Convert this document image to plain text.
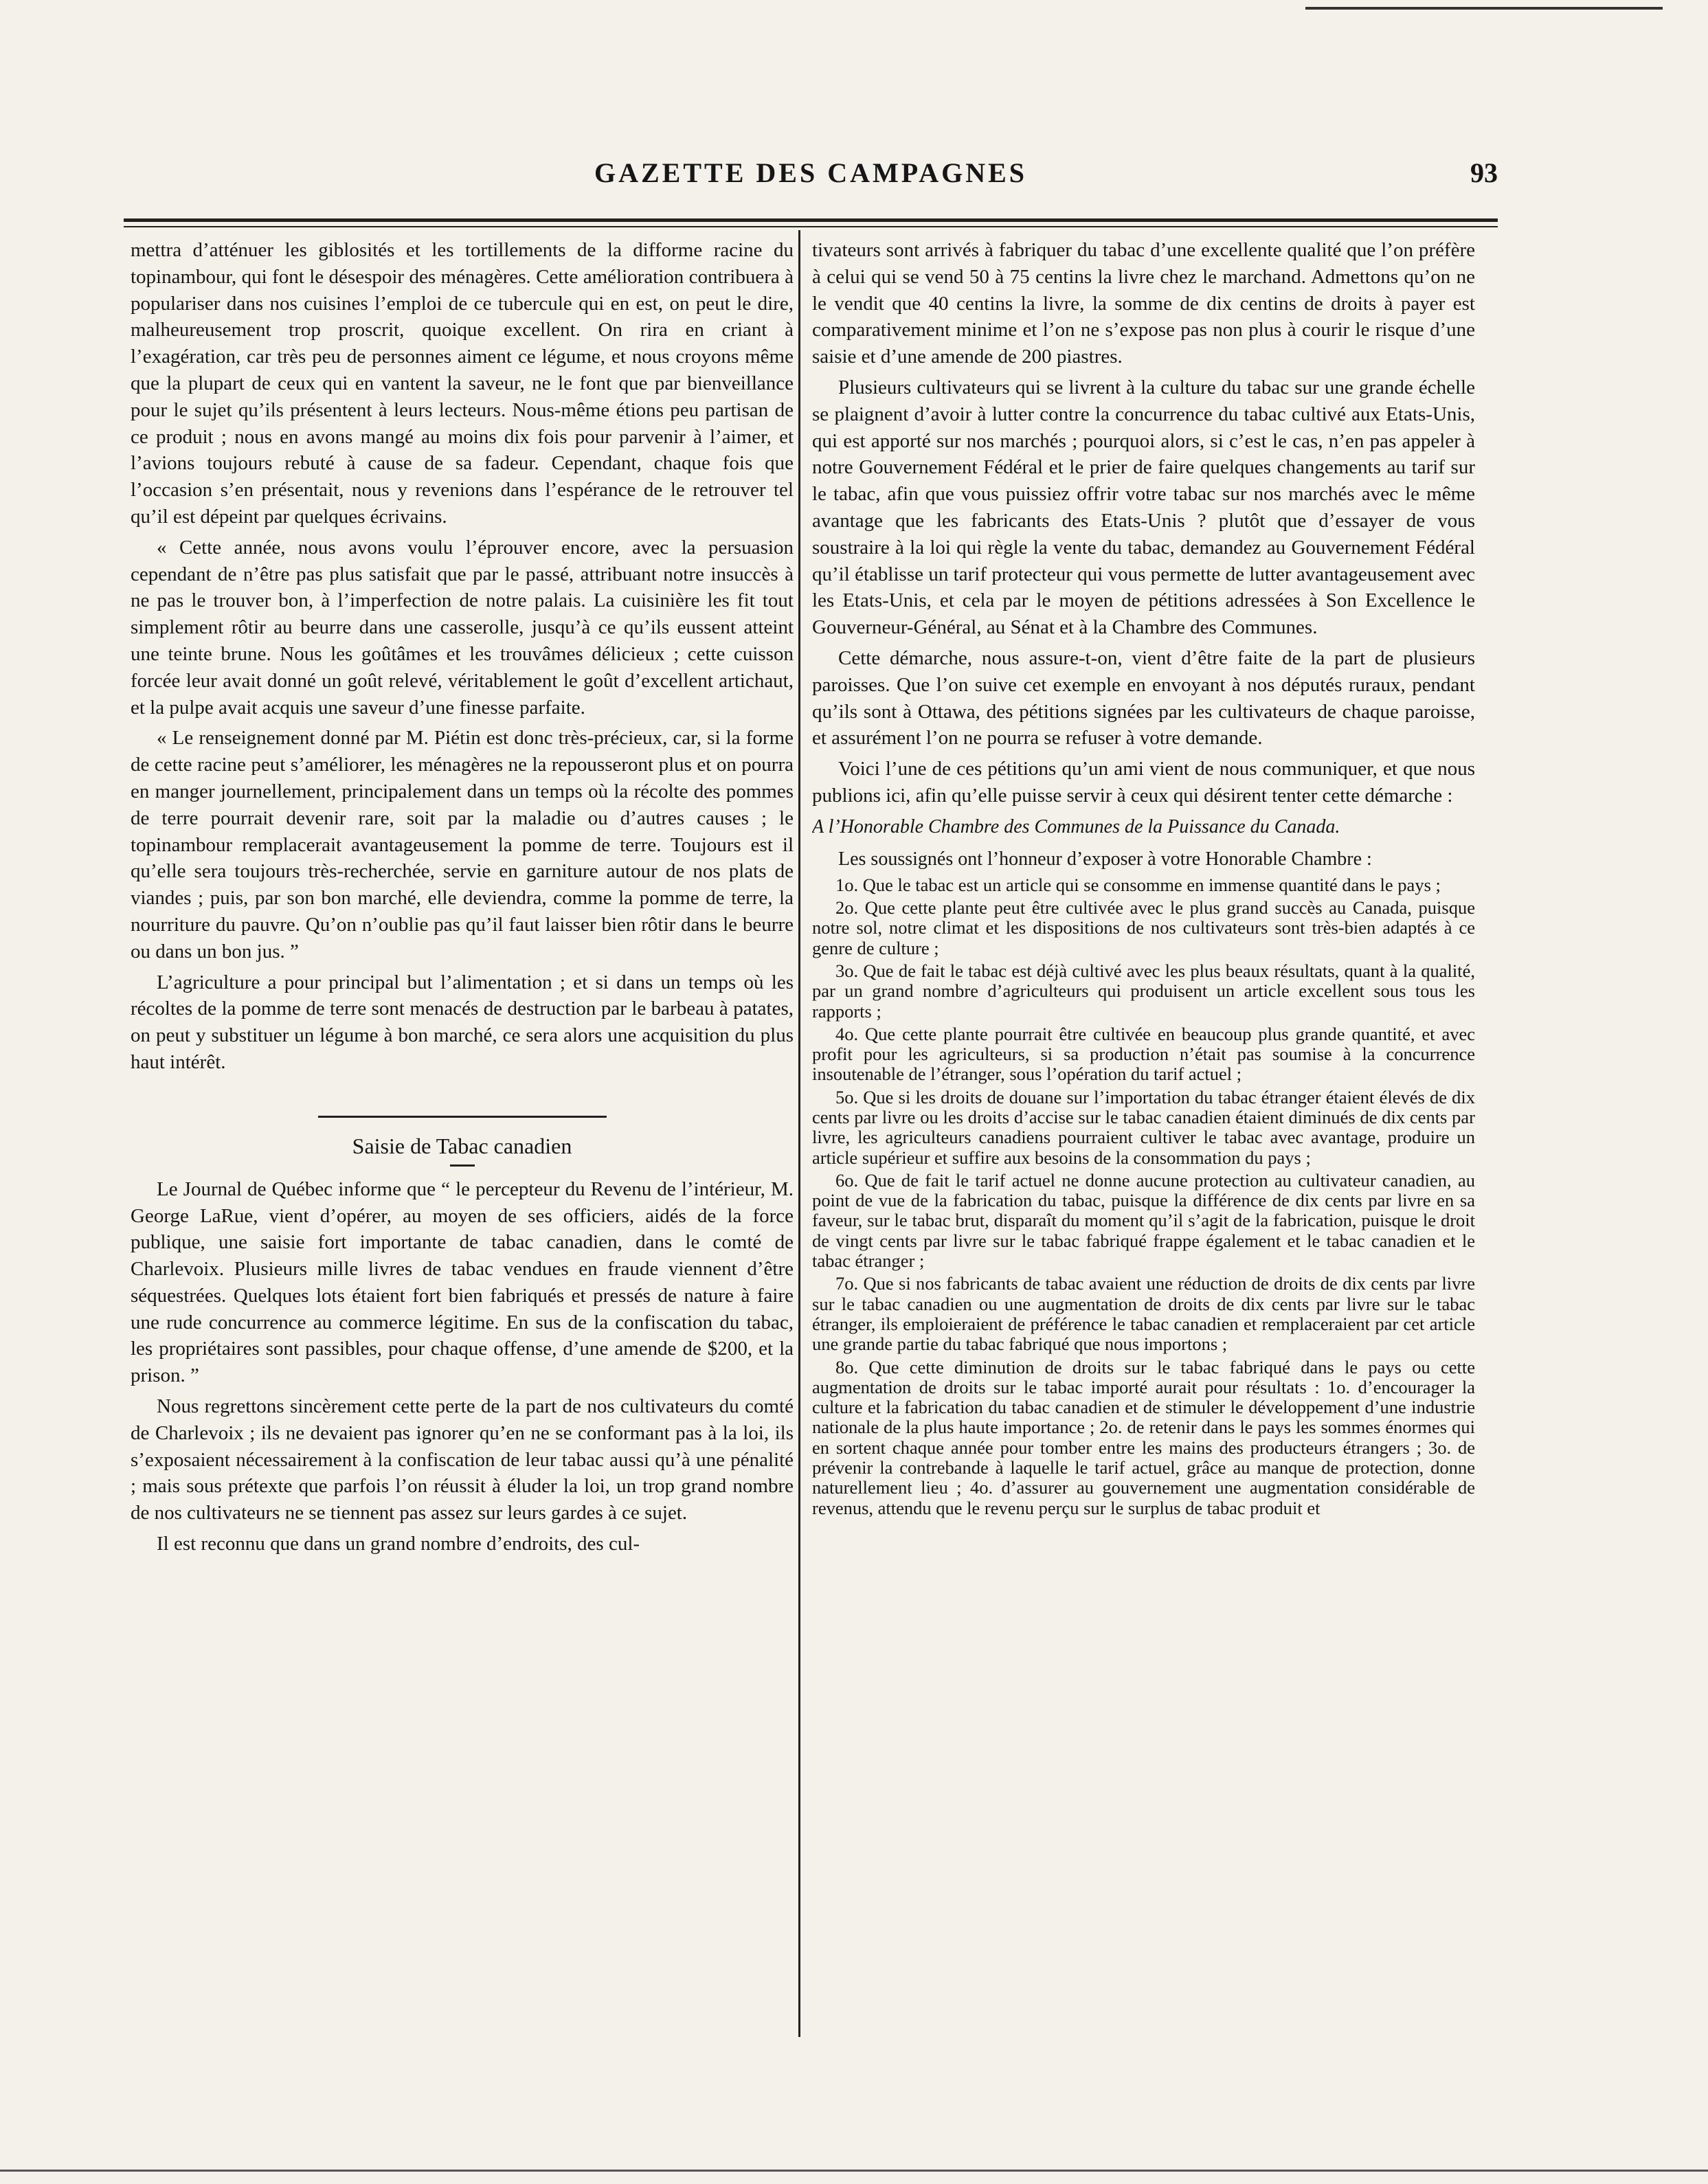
GAZETTE DES CAMPAGNES	93

mettra d’atténuer les giblosités et les tortillements de la difforme racine du topinambour, qui font le désespoir des ménagères. Cette amélioration contribuera à populariser dans nos cuisines l’emploi de ce tubercule qui en est, on peut le dire, malheureusement trop proscrit, quoique excellent. On rira en criant à l’exagération, car très peu de personnes aiment ce légume, et nous croyons même que la plupart de ceux qui en vantent la saveur, ne le font que par bienveillance pour le sujet qu’ils présentent à leurs lecteurs. Nous-même étions peu partisan de ce produit ; nous en avons mangé au moins dix fois pour parvenir à l’aimer, et l’avions toujours rebuté à cause de sa fadeur. Cependant, chaque fois que l’occasion s’en présentait, nous y revenions dans l’espérance de le retrouver tel qu’il est dépeint par quelques écrivains.

« Cette année, nous avons voulu l’éprouver encore, avec la persuasion cependant de n’être pas plus satisfait que par le passé, attribuant notre insuccès à ne pas le trouver bon, à l’imperfection de notre palais. La cuisinière les fit tout simplement rôtir au beurre dans une casserolle, jusqu’à ce qu’ils eussent atteint une teinte brune. Nous les goûtâmes et les trouvâmes délicieux ; cette cuisson forcée leur avait donné un goût relevé, véritablement le goût d’excellent artichaut, et la pulpe avait acquis une saveur d’une finesse parfaite.

« Le renseignement donné par M. Piétin est donc très-précieux, car, si la forme de cette racine peut s’améliorer, les ménagères ne la repousseront plus et on pourra en manger journellement, principalement dans un temps où la récolte des pommes de terre pourrait devenir rare, soit par la maladie ou d’autres causes ; le topinambour remplacerait avantageusement la pomme de terre. Toujours est il qu’elle sera toujours très-recherchée, servie en garniture autour de nos plats de viandes ; puis, par son bon marché, elle deviendra, comme la pomme de terre, la nourriture du pauvre. Qu’on n’oublie pas qu’il faut laisser bien rôtir dans le beurre ou dans un bon jus. ”

L’agriculture a pour principal but l’alimentation ; et si dans un temps où les récoltes de la pomme de terre sont menacés de destruction par le barbeau à patates, on peut y substituer un légume à bon marché, ce sera alors une acquisition du plus haut intérêt.

Saisie de Tabac canadien

Le Journal de Québec informe que “ le percepteur du Revenu de l’intérieur, M. George LaRue, vient d’opérer, au moyen de ses officiers, aidés de la force publique, une saisie fort importante de tabac canadien, dans le comté de Charlevoix. Plusieurs mille livres de tabac vendues en fraude viennent d’être séquestrées. Quelques lots étaient fort bien fabriqués et pressés de nature à faire une rude concurrence au commerce légitime. En sus de la confiscation du tabac, les propriétaires sont passibles, pour chaque offense, d’une amende de $200, et la prison. ”

Nous regrettons sincèrement cette perte de la part de nos cultivateurs du comté de Charlevoix ; ils ne devaient pas ignorer qu’en ne se conformant pas à la loi, ils s’exposaient nécessairement à la confiscation de leur tabac aussi qu’à une pénalité ; mais sous prétexte que parfois l’on réussit à éluder la loi, un trop grand nombre de nos cultivateurs ne se tiennent pas assez sur leurs gardes à ce sujet.

Il est reconnu que dans un grand nombre d’endroits, des cul-

tivateurs sont arrivés à fabriquer du tabac d’une excellente qualité que l’on préfère à celui qui se vend 50 à 75 centins la livre chez le marchand. Admettons qu’on ne le vendit que 40 centins la livre, la somme de dix centins de droits à payer est comparativement minime et l’on ne s’expose pas non plus à courir le risque d’une saisie et d’une amende de 200 piastres.

Plusieurs cultivateurs qui se livrent à la culture du tabac sur une grande échelle se plaignent d’avoir à lutter contre la concurrence du tabac cultivé aux Etats-Unis, qui est apporté sur nos marchés ; pourquoi alors, si c’est le cas, n’en pas appeler à notre Gouvernement Fédéral et le prier de faire quelques changements au tarif sur le tabac, afin que vous puissiez offrir votre tabac sur nos marchés avec le même avantage que les fabricants des Etats-Unis ? plutôt que d’essayer de vous soustraire à la loi qui règle la vente du tabac, demandez au Gouvernement Fédéral qu’il établisse un tarif protecteur qui vous permette de lutter avantageusement avec les Etats-Unis, et cela par le moyen de pétitions adressées à Son Excellence le Gouverneur-Général, au Sénat et à la Chambre des Communes.

Cette démarche, nous assure-t-on, vient d’être faite de la part de plusieurs paroisses. Que l’on suive cet exemple en envoyant à nos députés ruraux, pendant qu’ils sont à Ottawa, des pétitions signées par les cultivateurs de chaque paroisse, et assurément l’on ne pourra se refuser à votre demande.

Voici l’une de ces pétitions qu’un ami vient de nous communiquer, et que nous publions ici, afin qu’elle puisse servir à ceux qui désirent tenter cette démarche :

A l’Honorable Chambre des Communes de la Puissance du Canada.

Les soussignés ont l’honneur d’exposer à votre Honorable Chambre :

1o. Que le tabac est un article qui se consomme en immense quantité dans le pays ;

2o. Que cette plante peut être cultivée avec le plus grand succès au Canada, puisque notre sol, notre climat et les dispositions de nos cultivateurs sont très-bien adaptés à ce genre de culture ;

3o. Que de fait le tabac est déjà cultivé avec les plus beaux résultats, quant à la qualité, par un grand nombre d’agriculteurs qui produisent un article excellent sous tous les rapports ;

4o. Que cette plante pourrait être cultivée en beaucoup plus grande quantité, et avec profit pour les agriculteurs, si sa production n’était pas soumise à la concurrence insoutenable de l’étranger, sous l’opération du tarif actuel ;

5o. Que si les droits de douane sur l’importation du tabac étranger étaient élevés de dix cents par livre ou les droits d’accise sur le tabac canadien étaient diminués de dix cents par livre, les agriculteurs canadiens pourraient cultiver le tabac avec avantage, produire un article supérieur et suffire aux besoins de la consommation du pays ;

6o. Que de fait le tarif actuel ne donne aucune protection au cultivateur canadien, au point de vue de la fabrication du tabac, puisque la différence de dix cents par livre en sa faveur, sur le tabac brut, disparaît du moment qu’il s’agit de la fabrication, puisque le droit de vingt cents par livre sur le tabac fabriqué frappe également et le tabac canadien et le tabac étranger ;

7o. Que si nos fabricants de tabac avaient une réduction de droits de dix cents par livre sur le tabac canadien ou une augmentation de droits de dix cents par livre sur le tabac étranger, ils emploieraient de préférence le tabac canadien et remplaceraient par cet article une grande partie du tabac fabriqué que nous importons ;

8o. Que cette diminution de droits sur le tabac fabriqué dans le pays ou cette augmentation de droits sur le tabac importé aurait pour résultats : 1o. d’encourager la culture et la fabrication du tabac canadien et de stimuler le développement d’une industrie nationale de la plus haute importance ; 2o. de retenir dans le pays les sommes énormes qui en sortent chaque année pour tomber entre les mains des producteurs étrangers ; 3o. de prévenir la contrebande à laquelle le tarif actuel, grâce au manque de protection, donne naturellement lieu ; 4o. d’assurer au gouvernement une augmentation considérable de revenus, attendu que le revenu perçu sur le surplus de tabac produit et
